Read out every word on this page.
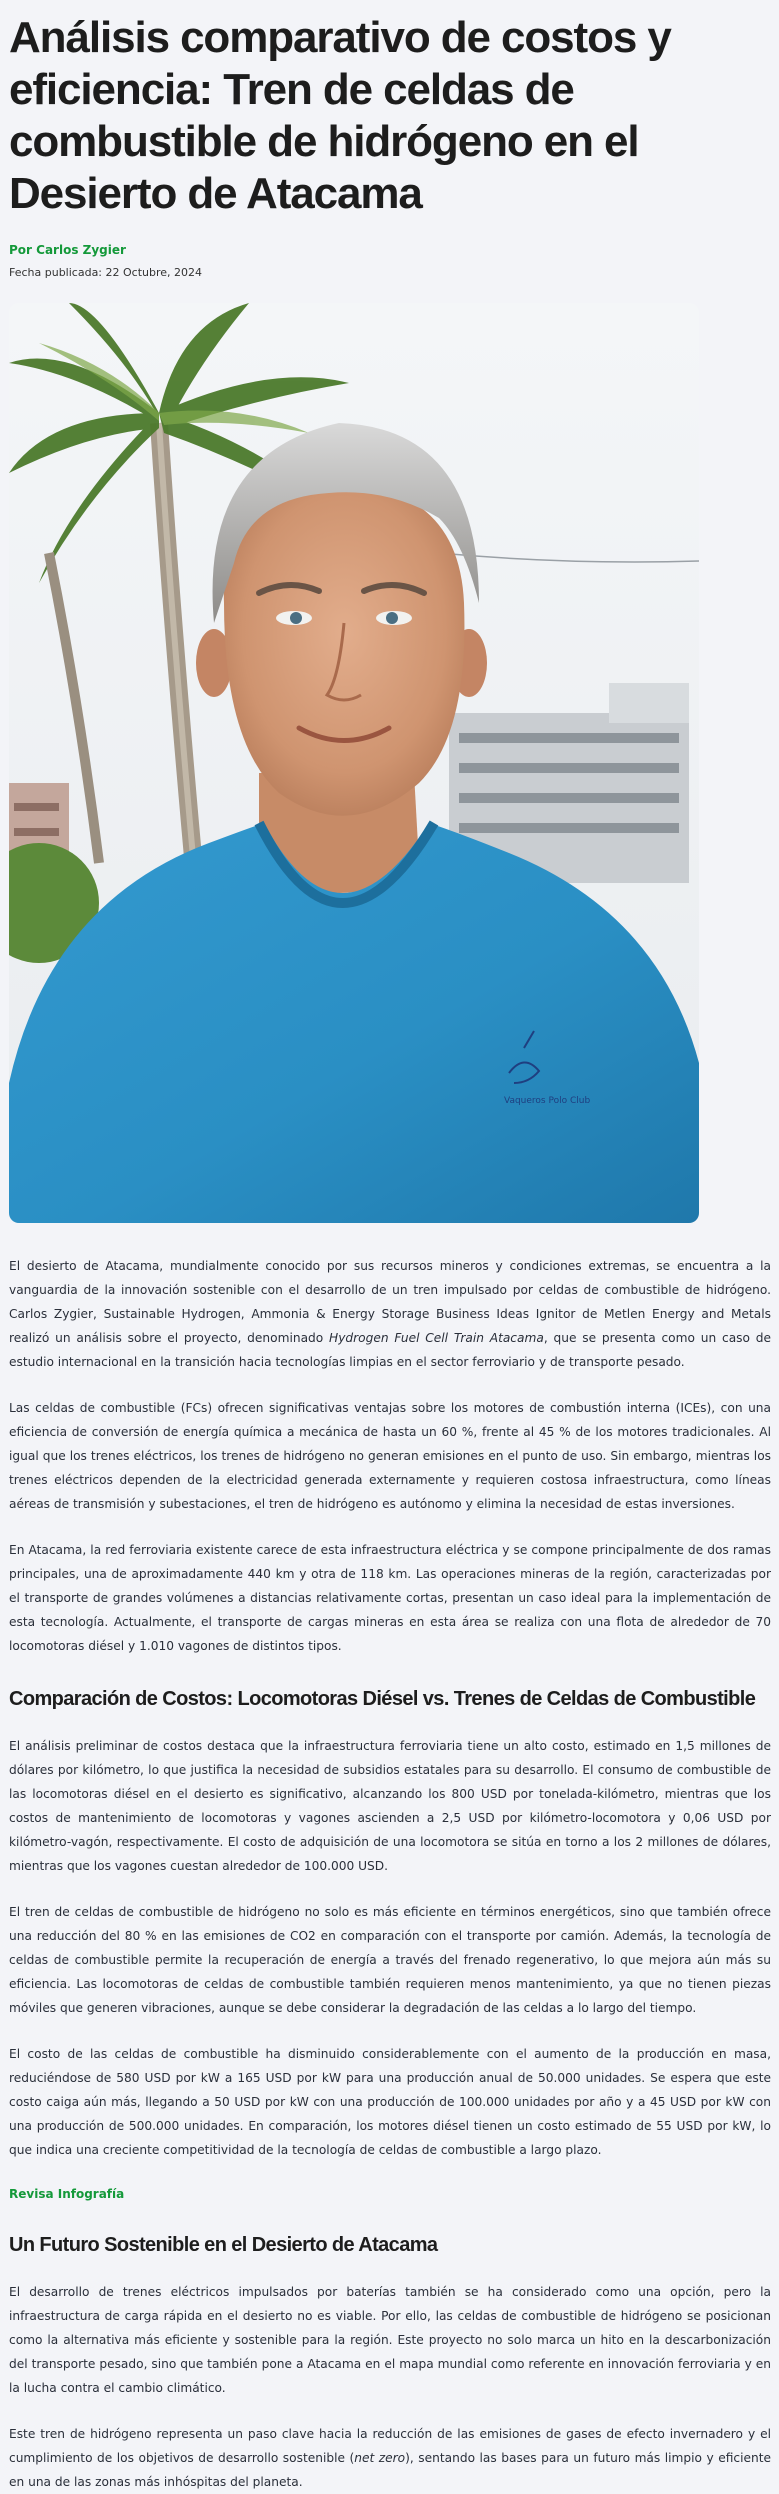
Análisis comparativo de costos y eficiencia: Tren de celdas de combustible de hidrógeno en el Desierto de Atacama
Por Carlos Zygier
Fecha publicada: 22 Octubre, 2024
Vaqueros Polo Club

El desierto de Atacama, mundialmente conocido por sus recursos mineros y condiciones extremas, se encuentra a la vanguardia de la innovación sostenible con el desarrollo de un tren impulsado por celdas de combustible de hidrógeno. Carlos Zygier, Sustainable Hydrogen, Ammonia & Energy Storage Business Ideas Ignitor de Metlen Energy and Metals realizó un análisis sobre el proyecto, denominado Hydrogen Fuel Cell Train Atacama, que se presenta como un caso de estudio internacional en la transición hacia tecnologías limpias en el sector ferroviario y de transporte pesado.

Las celdas de combustible (FCs) ofrecen significativas ventajas sobre los motores de combustión interna (ICEs), con una eficiencia de conversión de energía química a mecánica de hasta un 60 %, frente al 45 % de los motores tradicionales. Al igual que los trenes eléctricos, los trenes de hidrógeno no generan emisiones en el punto de uso. Sin embargo, mientras los trenes eléctricos dependen de la electricidad generada externamente y requieren costosa infraestructura, como líneas aéreas de transmisión y subestaciones, el tren de hidrógeno es autónomo y elimina la necesidad de estas inversiones.

En Atacama, la red ferroviaria existente carece de esta infraestructura eléctrica y se compone principalmente de dos ramas principales, una de aproximadamente 440 km y otra de 118 km. Las operaciones mineras de la región, caracterizadas por el transporte de grandes volúmenes a distancias relativamente cortas, presentan un caso ideal para la implementación de esta tecnología. Actualmente, el transporte de cargas mineras en esta área se realiza con una flota de alrededor de 70 locomotoras diésel y 1.010 vagones de distintos tipos.

Comparación de Costos: Locomotoras Diésel vs. Trenes de Celdas de Combustible

El análisis preliminar de costos destaca que la infraestructura ferroviaria tiene un alto costo, estimado en 1,5 millones de dólares por kilómetro, lo que justifica la necesidad de subsidios estatales para su desarrollo. El consumo de combustible de las locomotoras diésel en el desierto es significativo, alcanzando los 800 USD por tonelada-kilómetro, mientras que los costos de mantenimiento de locomotoras y vagones ascienden a 2,5 USD por kilómetro-locomotora y 0,06 USD por kilómetro-vagón, respectivamente. El costo de adquisición de una locomotora se sitúa en torno a los 2 millones de dólares, mientras que los vagones cuestan alrededor de 100.000 USD.

El tren de celdas de combustible de hidrógeno no solo es más eficiente en términos energéticos, sino que también ofrece una reducción del 80 % en las emisiones de CO2 en comparación con el transporte por camión. Además, la tecnología de celdas de combustible permite la recuperación de energía a través del frenado regenerativo, lo que mejora aún más su eficiencia. Las locomotoras de celdas de combustible también requieren menos mantenimiento, ya que no tienen piezas móviles que generen vibraciones, aunque se debe considerar la degradación de las celdas a lo largo del tiempo.

El costo de las celdas de combustible ha disminuido considerablemente con el aumento de la producción en masa, reduciéndose de 580 USD por kW a 165 USD por kW para una producción anual de 50.000 unidades. Se espera que este costo caiga aún más, llegando a 50 USD por kW con una producción de 100.000 unidades por año y a 45 USD por kW con una producción de 500.000 unidades. En comparación, los motores diésel tienen un costo estimado de 55 USD por kW, lo que indica una creciente competitividad de la tecnología de celdas de combustible a largo plazo.

Revisa Infografía
Un Futuro Sostenible en el Desierto de Atacama

El desarrollo de trenes eléctricos impulsados por baterías también se ha considerado como una opción, pero la infraestructura de carga rápida en el desierto no es viable. Por ello, las celdas de combustible de hidrógeno se posicionan como la alternativa más eficiente y sostenible para la región. Este proyecto no solo marca un hito en la descarbonización del transporte pesado, sino que también pone a Atacama en el mapa mundial como referente en innovación ferroviaria y en la lucha contra el cambio climático.

Este tren de hidrógeno representa un paso clave hacia la reducción de las emisiones de gases de efecto invernadero y el cumplimiento de los objetivos de desarrollo sostenible (net zero), sentando las bases para un futuro más limpio y eficiente en una de las zonas más inhóspitas del planeta.
